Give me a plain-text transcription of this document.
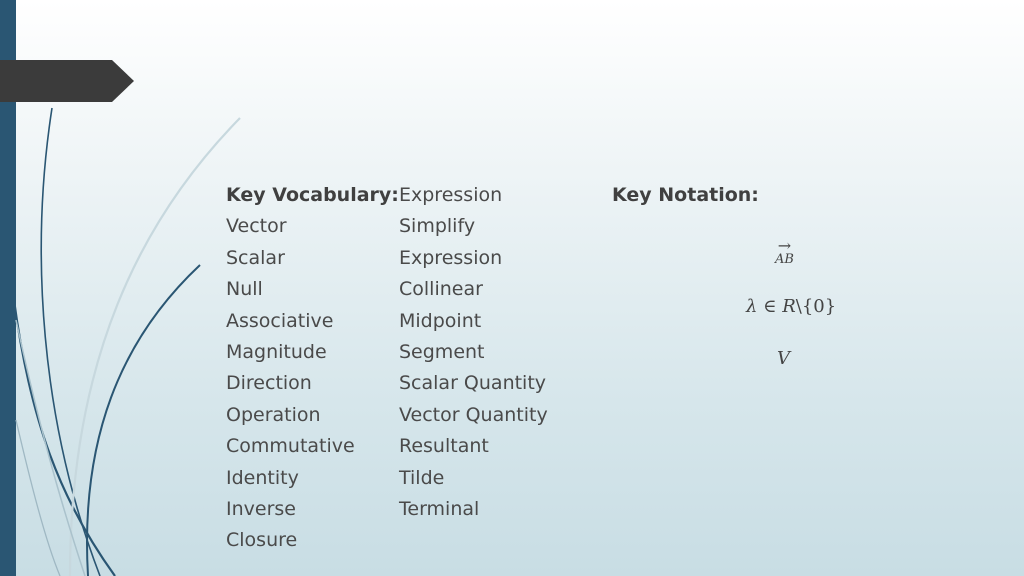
Key Vocabulary:
Vector
Scalar
Null
Associative
Magnitude
Direction
Operation
Commutative
Identity
Inverse
Closure
Expression
Simplify
Expression
Collinear
Midpoint
Segment
Scalar Quantity
Vector Quantity
Resultant
Tilde
Terminal
Key Notation:
→
AB
λ ∈ R\{0}
V
